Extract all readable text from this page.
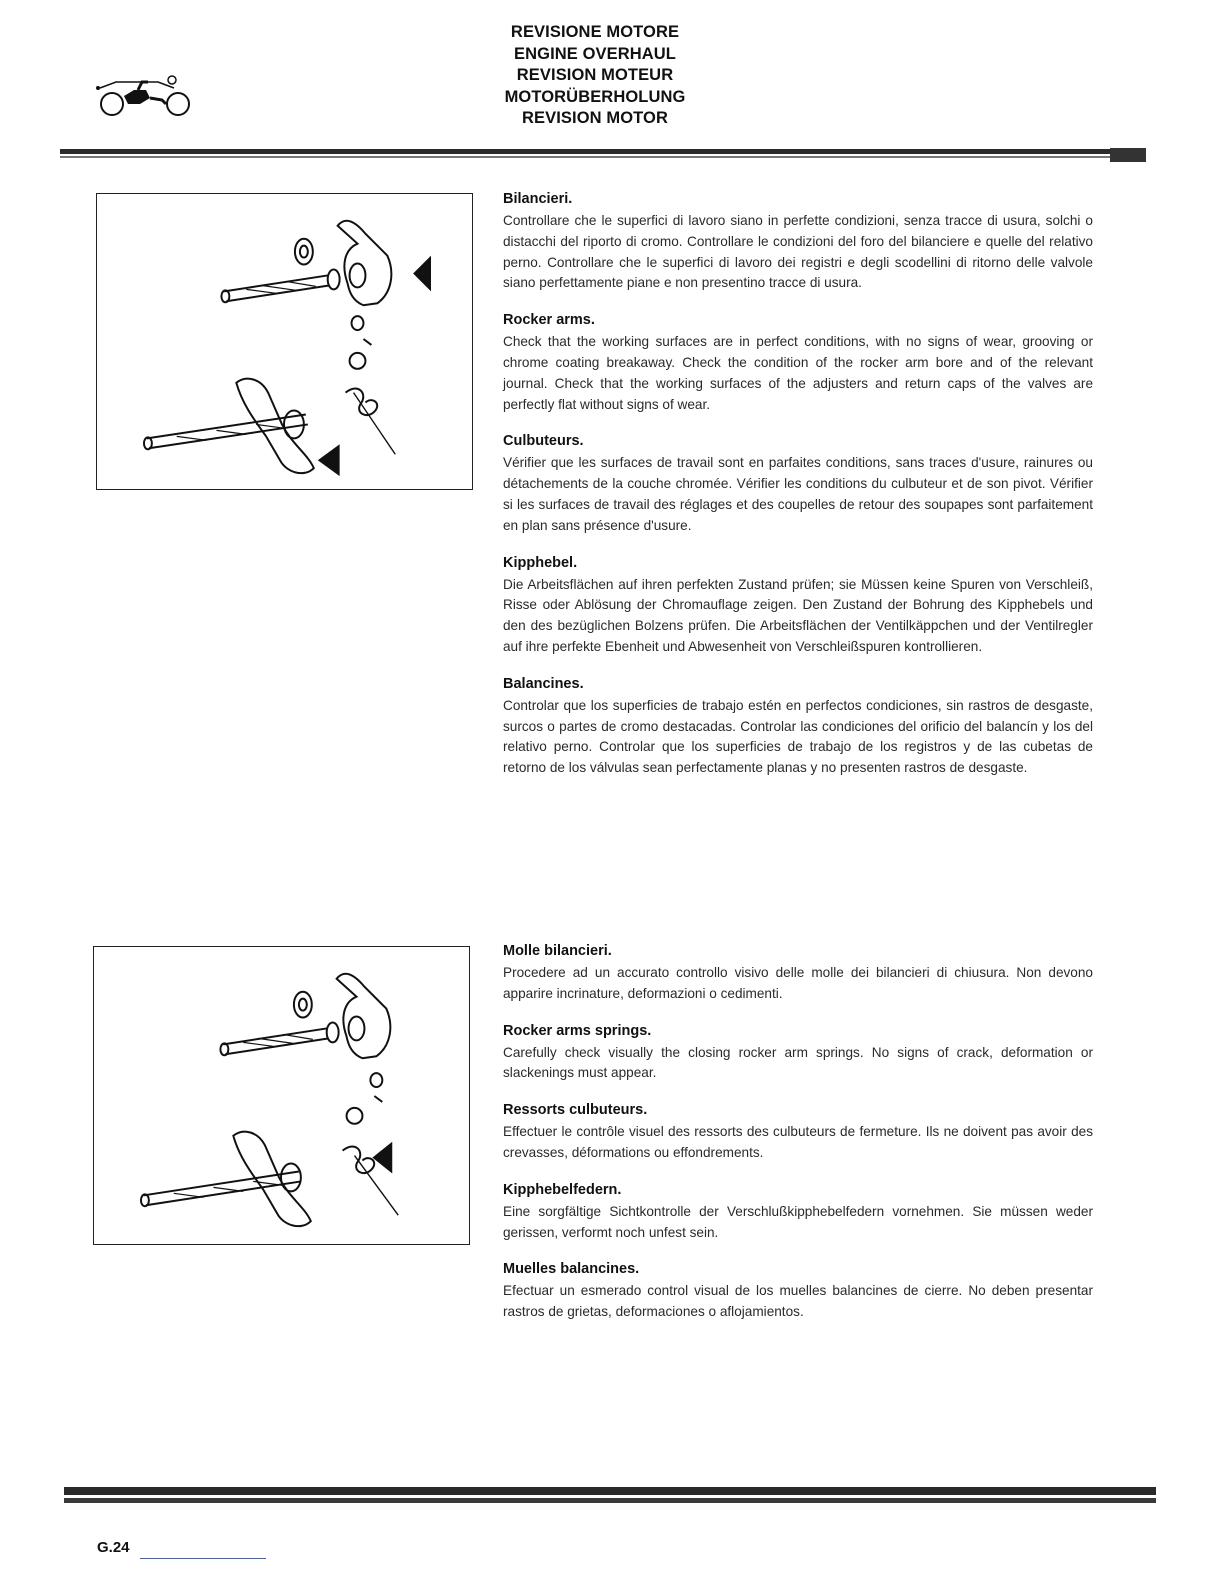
REVISIONE MOTORE
ENGINE OVERHAUL
REVISION MOTEUR
MOTORÜBERHOLUNG
REVISION MOTOR
Bilancieri.

Controllare che le superfici di lavoro siano in perfette condizioni, senza tracce di usura, solchi o distacchi del riporto di cromo. Controllare le condizioni del foro del bilanciere e quelle del relativo perno. Controllare che le superfici di lavoro dei registri e degli scodellini di ritorno delle valvole siano perfettamente piane e non presentino tracce di usura.

Rocker arms.

Check that the working surfaces are in perfect conditions, with no signs of wear, grooving or chrome coating breakaway. Check the condition of the rocker arm bore and of the relevant journal. Check that the working surfaces of the adjusters and return caps of the valves are perfectly flat without signs of wear.

Culbuteurs.

Vérifier que les surfaces de travail sont en parfaites conditions, sans traces d'usure, rainures ou détachements de la couche chromée. Vérifier les conditions du culbuteur et de son pivot. Vérifier si les surfaces de travail des réglages et des coupelles de retour des soupapes sont parfaitement en plan sans présence d'usure.

Kipphebel.

Die Arbeitsflächen auf ihren perfekten Zustand prüfen; sie Müssen keine Spuren von Verschleiß, Risse oder Ablösung der Chromauflage zeigen. Den Zustand der Bohrung des Kipphebels und den des bezüglichen Bolzens prüfen. Die Arbeitsflächen der Ventilkäppchen und der Ventilregler auf ihre perfekte Ebenheit und Abwesenheit von Verschleißspuren kontrollieren.

Balancines.

Controlar que los superficies de trabajo estén en perfectos condiciones, sin rastros de desgaste, surcos o partes de cromo destacadas. Controlar las condiciones del orificio del balancín y los del relativo perno. Controlar que los superficies de trabajo de los registros y de las cubetas de retorno de los válvulas sean perfectamente planas y no presenten rastros de desgaste.

Molle bilancieri.

Procedere ad un accurato controllo visivo delle molle dei bilancieri di chiusura. Non devono apparire incrinature, deformazioni o cedimenti.

Rocker arms springs.

Carefully check visually the closing rocker arm springs. No signs of crack, deformation or slackenings must appear.

Ressorts culbuteurs.

Effectuer le contrôle visuel des ressorts des culbuteurs de fermeture. Ils ne doivent pas avoir des crevasses, déformations ou effondrements.

Kipphebelfedern.

Eine sorgfältige Sichtkontrolle der Verschlußkipphebelfedern vornehmen. Sie müssen weder gerissen, verformt noch unfest sein.

Muelles balancines.

Efectuar un esmerado control visual de los muelles balancines de cierre. No deben presentar rastros de grietas, deformaciones o aflojamientos.

G.24
